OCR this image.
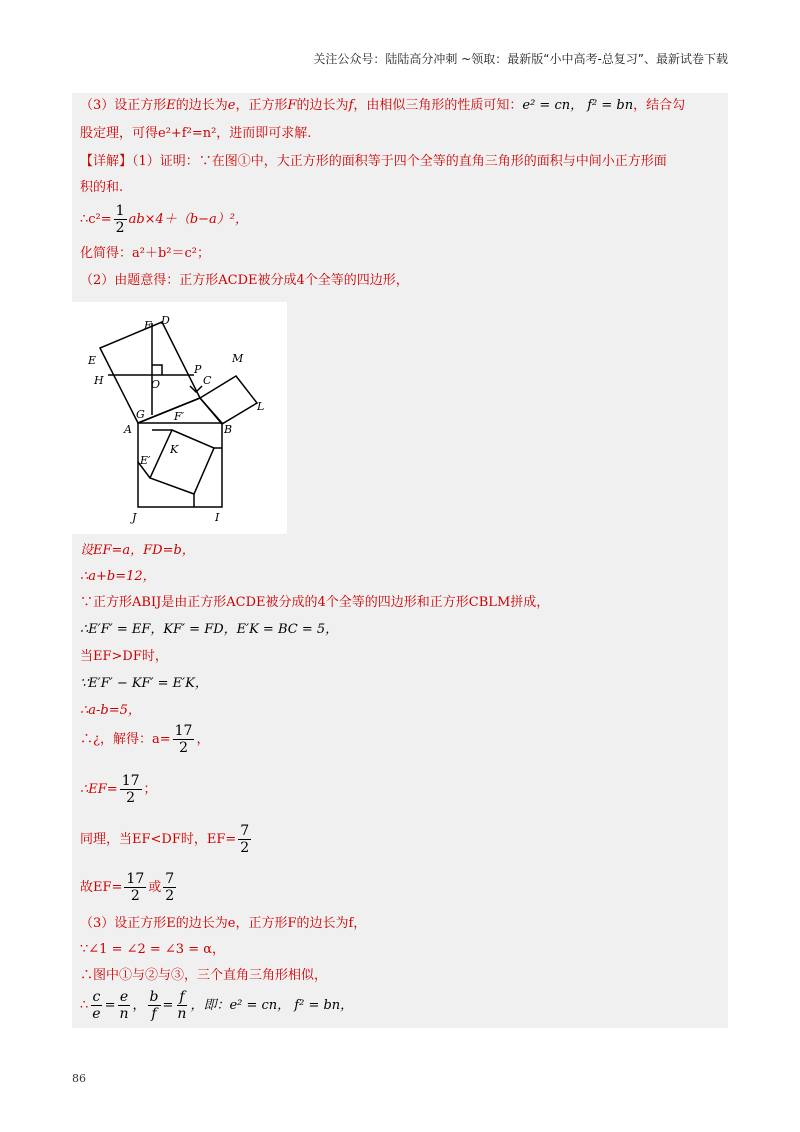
关注公众号：陆陆高分冲刺 ~领取：最新版“小中高考-总复习”、最新试卷下载
（3）设正方形E的边长为e，正方形F的边长为f，由相似三角形的性质可知：e² = cn， f² = bn，结合勾
股定理，可得e²+f²=n²，进而即可求解.
【详解】（1）证明：∵在图①中，大正方形的面积等于四个全等的直角三角形的面积与中间小正方形面
积的和.
∴c²= $\frac{1}{2} ab\times 4+(b-a)^2$，
化简得：a²＋b²＝c²；
（2）由题意得：正方形ACDE被分成4个全等的四边形，
F D
E
H	O
P
C
M
L
G	F′
A	B
K
E′
J	I
设EF=a，FD=b，
∴a+b=12，
∵正方形ABIJ是由正方形ACDE被分成的4个全等的四边形和正方形CBLM拼成，
∴E′F′ = EF，KF′ = FD，E′K = BC = 5，
当EF>DF时，
∵E′F′ − KF′ = E′K，
∴a-b=5，
∴¿，解得：$a= \frac{17}{2}$ ，
∴EF= $\frac{17}{2}$ ；
同理，当EF<DF时，$EF= \frac{7}{2}$
故$EF= \frac{17}{2}$ 或 $\frac{7}{2}$
（3）设正方形E的边长为e，正方形F的边长为f，
∵∠1 = ∠2 = ∠3 = α，
∴图中①与②与③，三个直角三角形相似，
∴ $\frac{c}{e} = \frac{e}{n}$ ， $\frac{b}{f} = \frac{f}{n}$ ，即：e² = cn， f² = bn，
86
